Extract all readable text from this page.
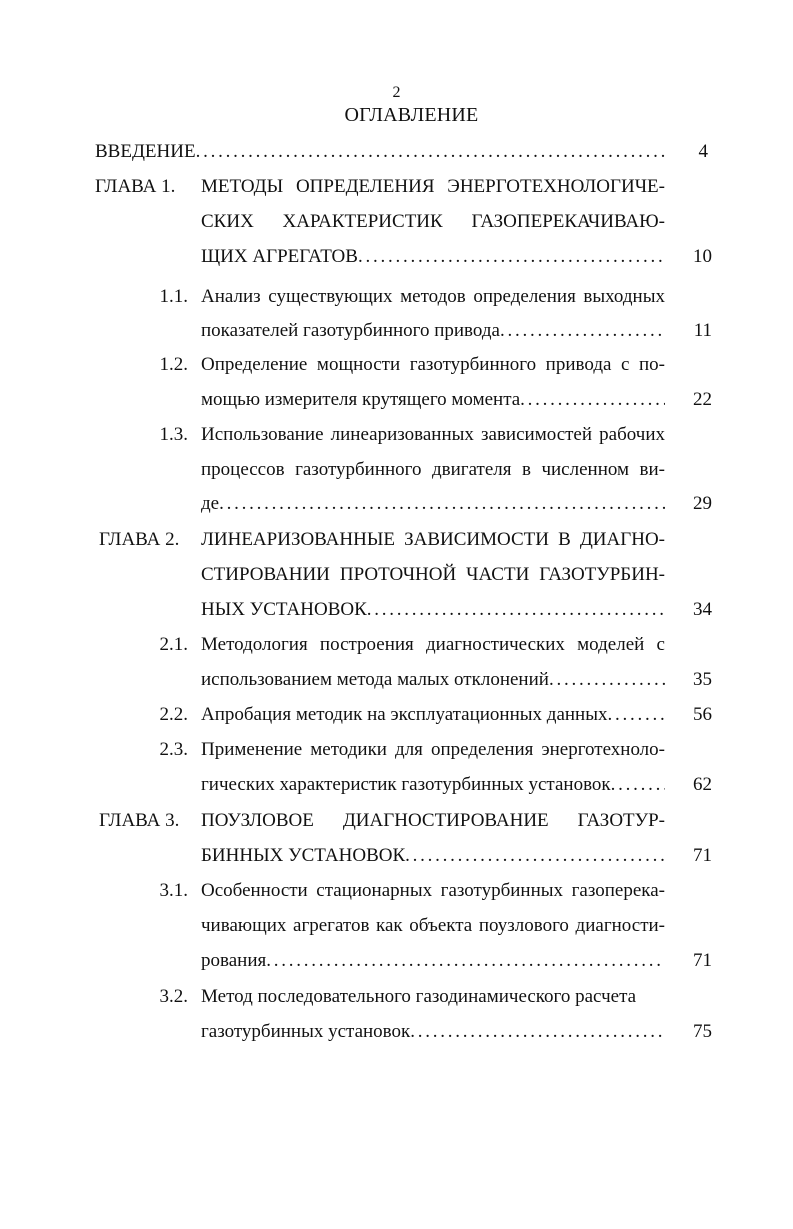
2
ОГЛАВЛЕНИЕ
ВВЕДЕНИЕ . . .	4
ГЛАВА 1. МЕТОДЫ ОПРЕДЕЛЕНИЯ ЭНЕРГОТЕХНОЛОГИЧЕ-
СКИХ ХАРАКТЕРИСТИК ГАЗОПЕРЕКАЧИВАЮ-
ЩИХ АГРЕГАТОВ . . .	10
1.1. Анализ существующих методов определения выходных
показателей газотурбинного привода . . .	11
1.2. Определение мощности газотурбинного привода с по-
мощью измерителя крутящего момента . . .	22
1.3. Использование линеаризованных зависимостей рабочих
процессов газотурбинного двигателя в численном ви-
де . . .	29
ГЛАВА 2. ЛИНЕАРИЗОВАННЫЕ ЗАВИСИМОСТИ В ДИАГНО-
СТИРОВАНИИ ПРОТОЧНОЙ ЧАСТИ ГАЗОТУРБИН-
НЫХ УСТАНОВОК . . .	34
2.1. Методология построения диагностических моделей с
использованием метода малых отклонений . . .	35
2.2. Апробация методик на эксплуатационных данных . . .	56
2.3. Применение методики для определения энерготехноло-
гических характеристик газотурбинных установок . . .	62
ГЛАВА 3. ПОУЗЛОВОЕ ДИАГНОСТИРОВАНИЕ ГАЗОТУР-
БИННЫХ УСТАНОВОК . . .	71
3.1. Особенности стационарных газотурбинных газоперека-
чивающих агрегатов как объекта поузлового диагности-
рования . . .	71
3.2. Метод последовательного газодинамического расчета
газотурбинных установок . . .	75
